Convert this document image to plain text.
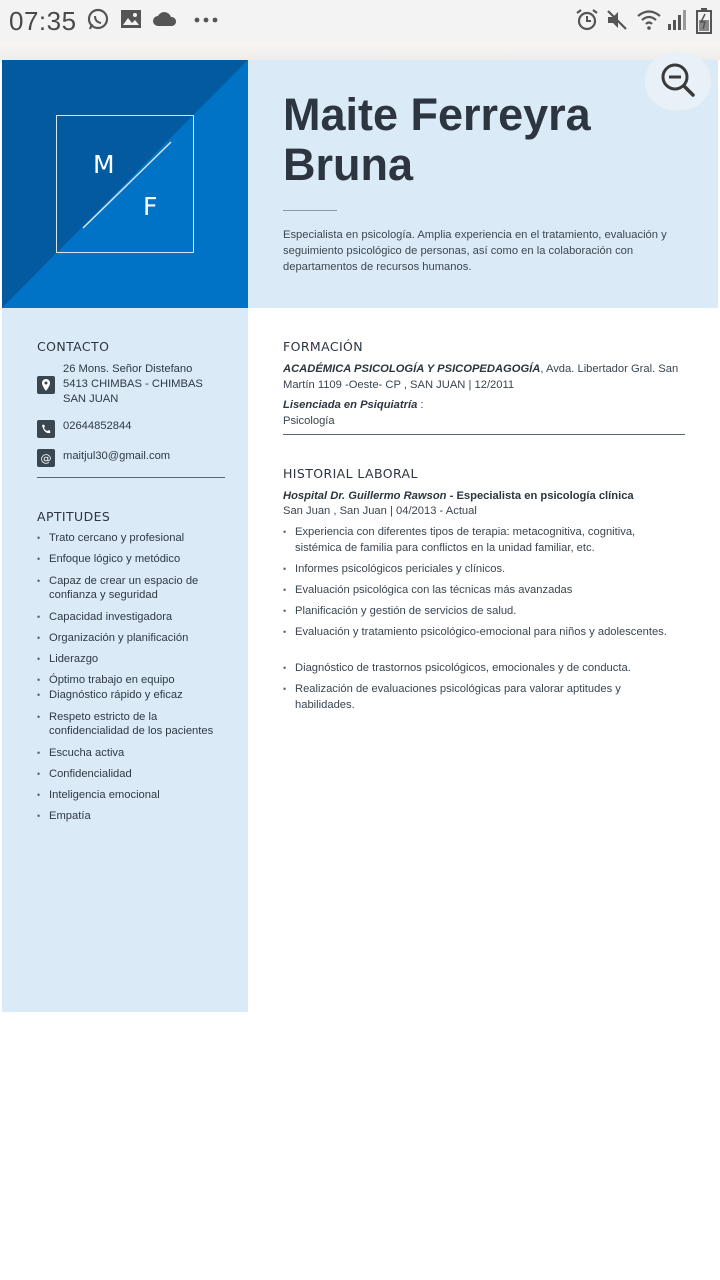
07:35
M
F
Maite Ferreyra
Bruna
Especialista en psicología. Amplia experiencia en el tratamiento, evaluación y seguimiento psicológico de personas, así como en la colaboración con departamentos de recursos humanos.
CONTACTO
26 Mons. Señor Distefano
5413 CHIMBAS - CHIMBAS
SAN JUAN
02644852844
@ maitjul30@gmail.com
APTITUDES
• Trato cercano y profesional
• Enfoque lógico y metódico
• Capaz de crear un espacio de confianza y seguridad
• Capacidad investigadora
• Organización y planificación
• Liderazgo
• Óptimo trabajo en equipo
• Diagnóstico rápido y eficaz
• Respeto estricto de la confidencialidad de los pacientes
• Escucha activa
• Confidencialidad
• Inteligencia emocional
• Empatía
FORMACIÓN
ACADÉMICA PSICOLOGÍA Y PSICOPEDAGOGÍA, Avda. Libertador Gral. San
Martín 1109 -Oeste- CP , SAN JUAN | 12/2011
Lisenciada en Psiquiatría :
Psicología
HISTORIAL LABORAL
Hospital Dr. Guillermo Rawson - Especialista en psicología clínica
San Juan , San Juan | 04/2013 - Actual
• Experiencia con diferentes tipos de terapia: metacognitiva, cognitiva, sistémica de familia para conflictos en la unidad familiar, etc.
• Informes psicológicos periciales y clínicos.
• Evaluación psicológica con las técnicas más avanzadas
• Planificación y gestión de servicios de salud.
• Evaluación y tratamiento psicológico-emocional para niños y adolescentes.
• Diagnóstico de trastornos psicológicos, emocionales y de conducta.
• Realización de evaluaciones psicológicas para valorar aptitudes y habilidades.
